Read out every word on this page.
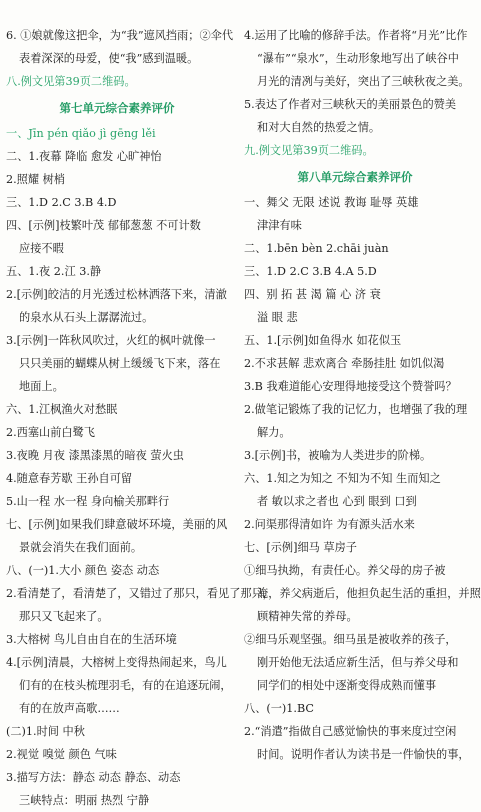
6. ①娘就像这把伞，为“我”遮风挡雨；②伞代
表着深深的母爱，使“我”感到温暖。
八.例文见第39页二维码。
第七单元综合素养评价
一、Jīn pén qiǎo jì gēng lěi
二、1.夜幕 降临 愈发 心旷神怡
2.照耀 树梢
三、1.D 2.C 3.B 4.D
四、[示例]枝繁叶茂 郁郁葱葱 不可计数
应接不暇
五、1.夜 2.江 3.静
2.[示例]皎洁的月光透过松林洒落下来，清澈
的泉水从石头上潺潺流过。
3.[示例]一阵秋风吹过，火红的枫叶就像一
只只美丽的蝴蝶从树上缓缓飞下来，落在
地面上。
六、1.江枫渔火对愁眠
2.西塞山前白鹭飞
3.夜晚 月夜 漆黑漆黑的暗夜 萤火虫
4.随意春芳歇 王孙自可留
5.山一程 水一程 身向榆关那畔行
七、[示例]如果我们肆意破坏环境，美丽的风
景就会消失在我们面前。
八、(一)1.大小 颜色 姿态 动态
2.看清楚了，看清楚了，又错过了那只，看见了那只，
那只又飞起来了。
3.大榕树 鸟儿自由自在的生活环境
4.[示例]清晨，大榕树上变得热闹起来，鸟儿
们有的在枝头梳理羽毛，有的在追逐玩闹，
有的在放声高歌……
(二)1.时间 中秋
2.视觉 嗅觉 颜色 气味
3.描写方法：静态 动态 静态、动态
三峡特点：明丽 热烈 宁静
4.运用了比喻的修辞手法。作者将“月光”比作
“瀑布”“泉水”，生动形象地写出了峡谷中
月光的清冽与美好，突出了三峡秋夜之美。
5.表达了作者对三峡秋天的美丽景色的赞美
和对大自然的热爱之情。
九.例文见第39页二维码。
第八单元综合素养评价
一、舞父 无限 述说 教诲 耻辱 英雄
津津有味
二、1.bēn bèn 2.chāi juàn
三、1.D 2.C 3.B 4.A 5.D
四、别 拓 甚 渴 篇 心 济 衰
溢 眼 悲
五、1.[示例]如鱼得水 如花似玉
2.不求甚解 悲欢离合 牵肠挂肚 如饥似渴
3.B 我难道能心安理得地接受这个赞誉吗？
2.做笔记锻炼了我的记忆力，也增强了我的理
解力。
3.[示例]书，被喻为人类进步的阶梯。
六、1.知之为知之 不知为不知 生而知之
者 敏以求之者也 心到 眼到 口到
2.问渠那得清如许 为有源头活水来
七、[示例]细马 草房子
①细马执拗，有责任心。养父母的房子被
淹，养父病逝后，他担负起生活的重担，并照
顾精神失常的养母。
②细马乐观坚强。细马虽是被收养的孩子，
刚开始他无法适应新生活，但与养父母和
同学们的相处中逐渐变得成熟而懂事
八、(一)1.BC
2.“消遣”指做自己感觉愉快的事来度过空闲
时间。说明作者认为读书是一件愉快的事，
